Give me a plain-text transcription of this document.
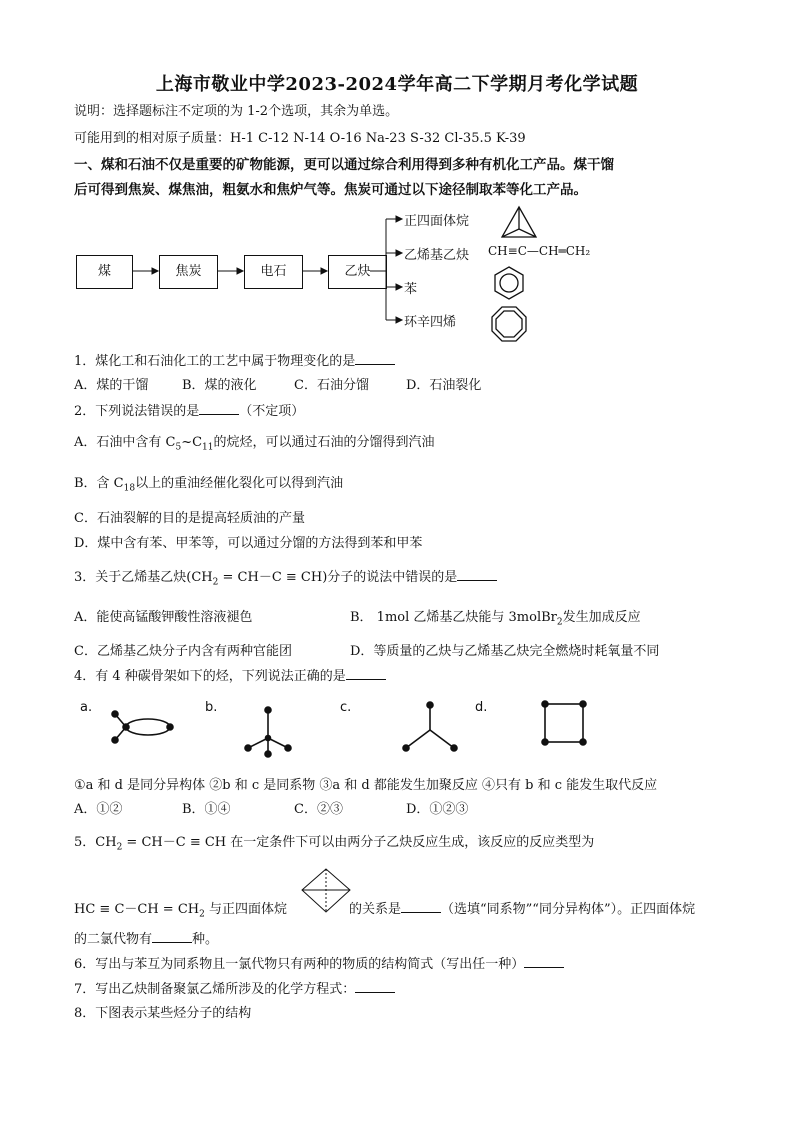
上海市敬业中学2023-2024学年高二下学期月考化学试题
说明：选择题标注不定项的为 1-2个选项，其余为单选。
可能用到的相对原子质量：H-1 C-12 N-14 O-16 Na-23 S-32 Cl-35.5 K-39
一、煤和石油不仅是重要的矿物能源，更可以通过综合利用得到多种有机化工产品。煤干馏
后可得到焦炭、煤焦油，粗氨水和焦炉气等。焦炭可通过以下途径制取苯等化工产品。
煤	焦炭	电石	乙炔
正四面体烷
乙烯基乙炔 CH≡C—CH═CH₂
苯
环辛四烯
1．煤化工和石油化工的工艺中属于物理变化的是
A．煤的干馏	B．煤的液化	C．石油分馏	D．石油裂化
2．下列说法错误的是	（不定项）
A．石油中含有 $C_5\sim C_{11}$的烷烃，可以通过石油的分馏得到汽油
B．含 $C_{18}$以上的重油经催化裂化可以得到汽油
C．石油裂解的目的是提高轻质油的产量
D．煤中含有苯、甲苯等，可以通过分馏的方法得到苯和甲苯
3．关于乙烯基乙炔$(CH_2 = CH-C \equiv CH)$分子的说法中错误的是
A．能使高锰酸钾酸性溶液褪色	B． 1mol 乙烯基乙炔能与 3molBr$_2$发生加成反应
C．乙烯基乙炔分子内含有两种官能团	D．等质量的乙炔与乙烯基乙炔完全燃烧时耗氧量不同
4．有 4 种碳骨架如下的烃，下列说法正确的是
a.	b.	c.	d.
①a 和 d 是同分异构体 ②b 和 c 是同系物 ③a 和 d 都能发生加聚反应 ④只有 b 和 c 能发生取代反应
A．①②	B．①④	C．②③	D．①②③
5．$CH_2 = CH-C$ ≡ CH 在一定条件下可以由两分子乙炔反应生成，该反应的反应类型为
HC ≡ $C-CH = CH_2$ 与正四面体烷	的关系是	（选填“同系物”“同分异构体”）。正四面体烷
的二氯代物有	种。
6．写出与苯互为同系物且一氯代物只有两种的物质的结构简式（写出任一种）
7．写出乙炔制备聚氯乙烯所涉及的化学方程式：
8．下图表示某些烃分子的结构
